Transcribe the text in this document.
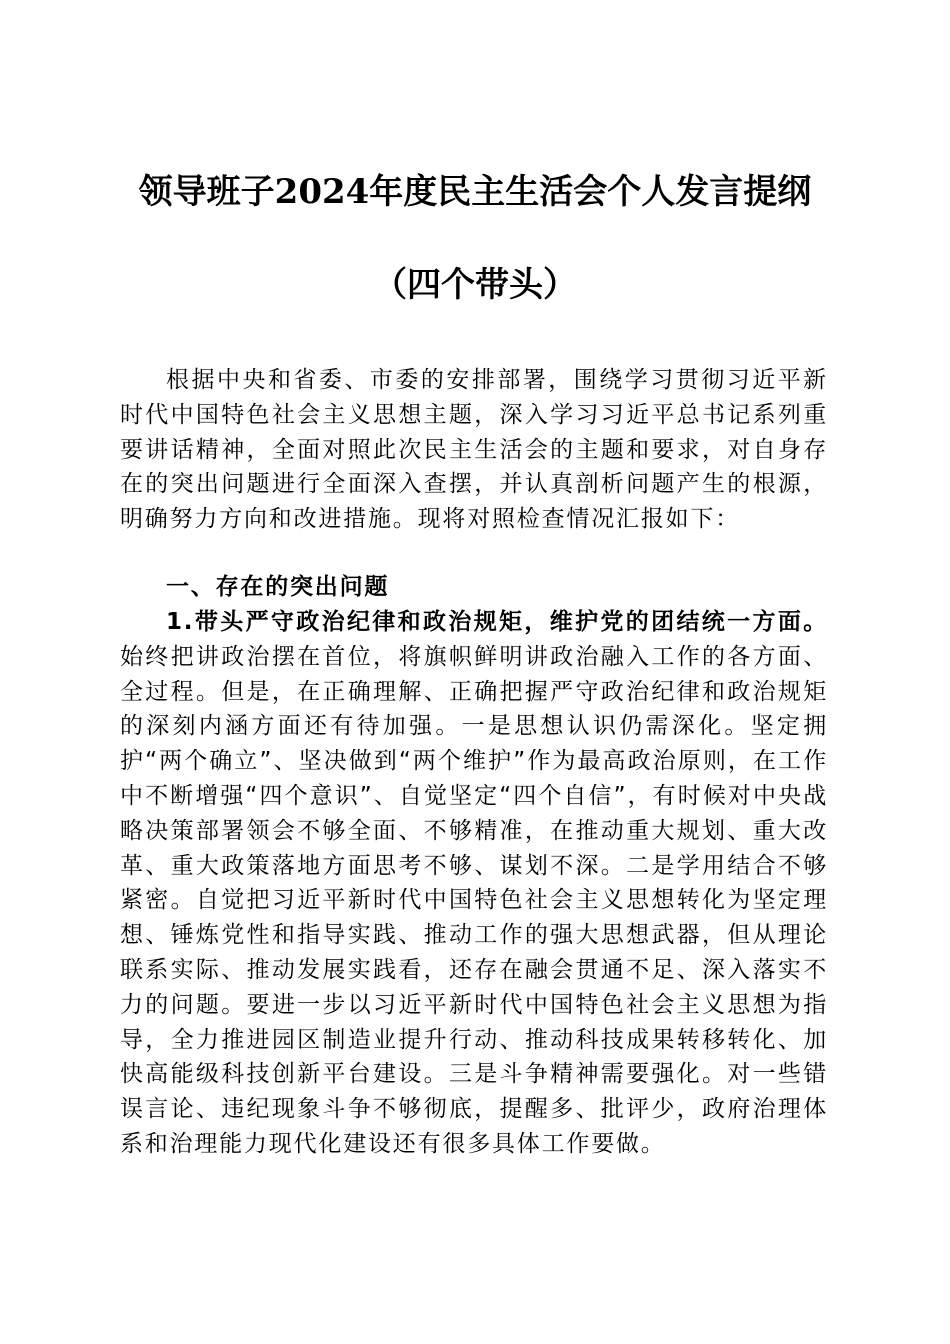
领导班子2024年度民主生活会个人发言提纲
（四个带头）

根据中央和省委、市委的安排部署，围绕学习贯彻习近平新时代中国特色社会主义思想主题，深入学习习近平总书记系列重要讲话精神，全面对照此次民主生活会的主题和要求，对自身存在的突出问题进行全面深入查摆，并认真剖析问题产生的根源，明确努力方向和改进措施。现将对照检查情况汇报如下：

一、存在的突出问题

1.带头严守政治纪律和政治规矩，维护党的团结统一方面。始终把讲政治摆在首位，将旗帜鲜明讲政治融入工作的各方面、全过程。但是，在正确理解、正确把握严守政治纪律和政治规矩的深刻内涵方面还有待加强。一是思想认识仍需深化。坚定拥护“两个确立”、坚决做到“两个维护”作为最高政治原则，在工作中不断增强“四个意识”、自觉坚定“四个自信”，有时候对中央战略决策部署领会不够全面、不够精准，在推动重大规划、重大改革、重大政策落地方面思考不够、谋划不深。二是学用结合不够紧密。自觉把习近平新时代中国特色社会主义思想转化为坚定理想、锤炼党性和指导实践、推动工作的强大思想武器，但从理论联系实际、推动发展实践看，还存在融会贯通不足、深入落实不力的问题。要进一步以习近平新时代中国特色社会主义思想为指导，全力推进园区制造业提升行动、推动科技成果转移转化、加快高能级科技创新平台建设。三是斗争精神需要强化。对一些错误言论、违纪现象斗争不够彻底，提醒多、批评少，政府治理体系和治理能力现代化建设还有很多具体工作要做。
